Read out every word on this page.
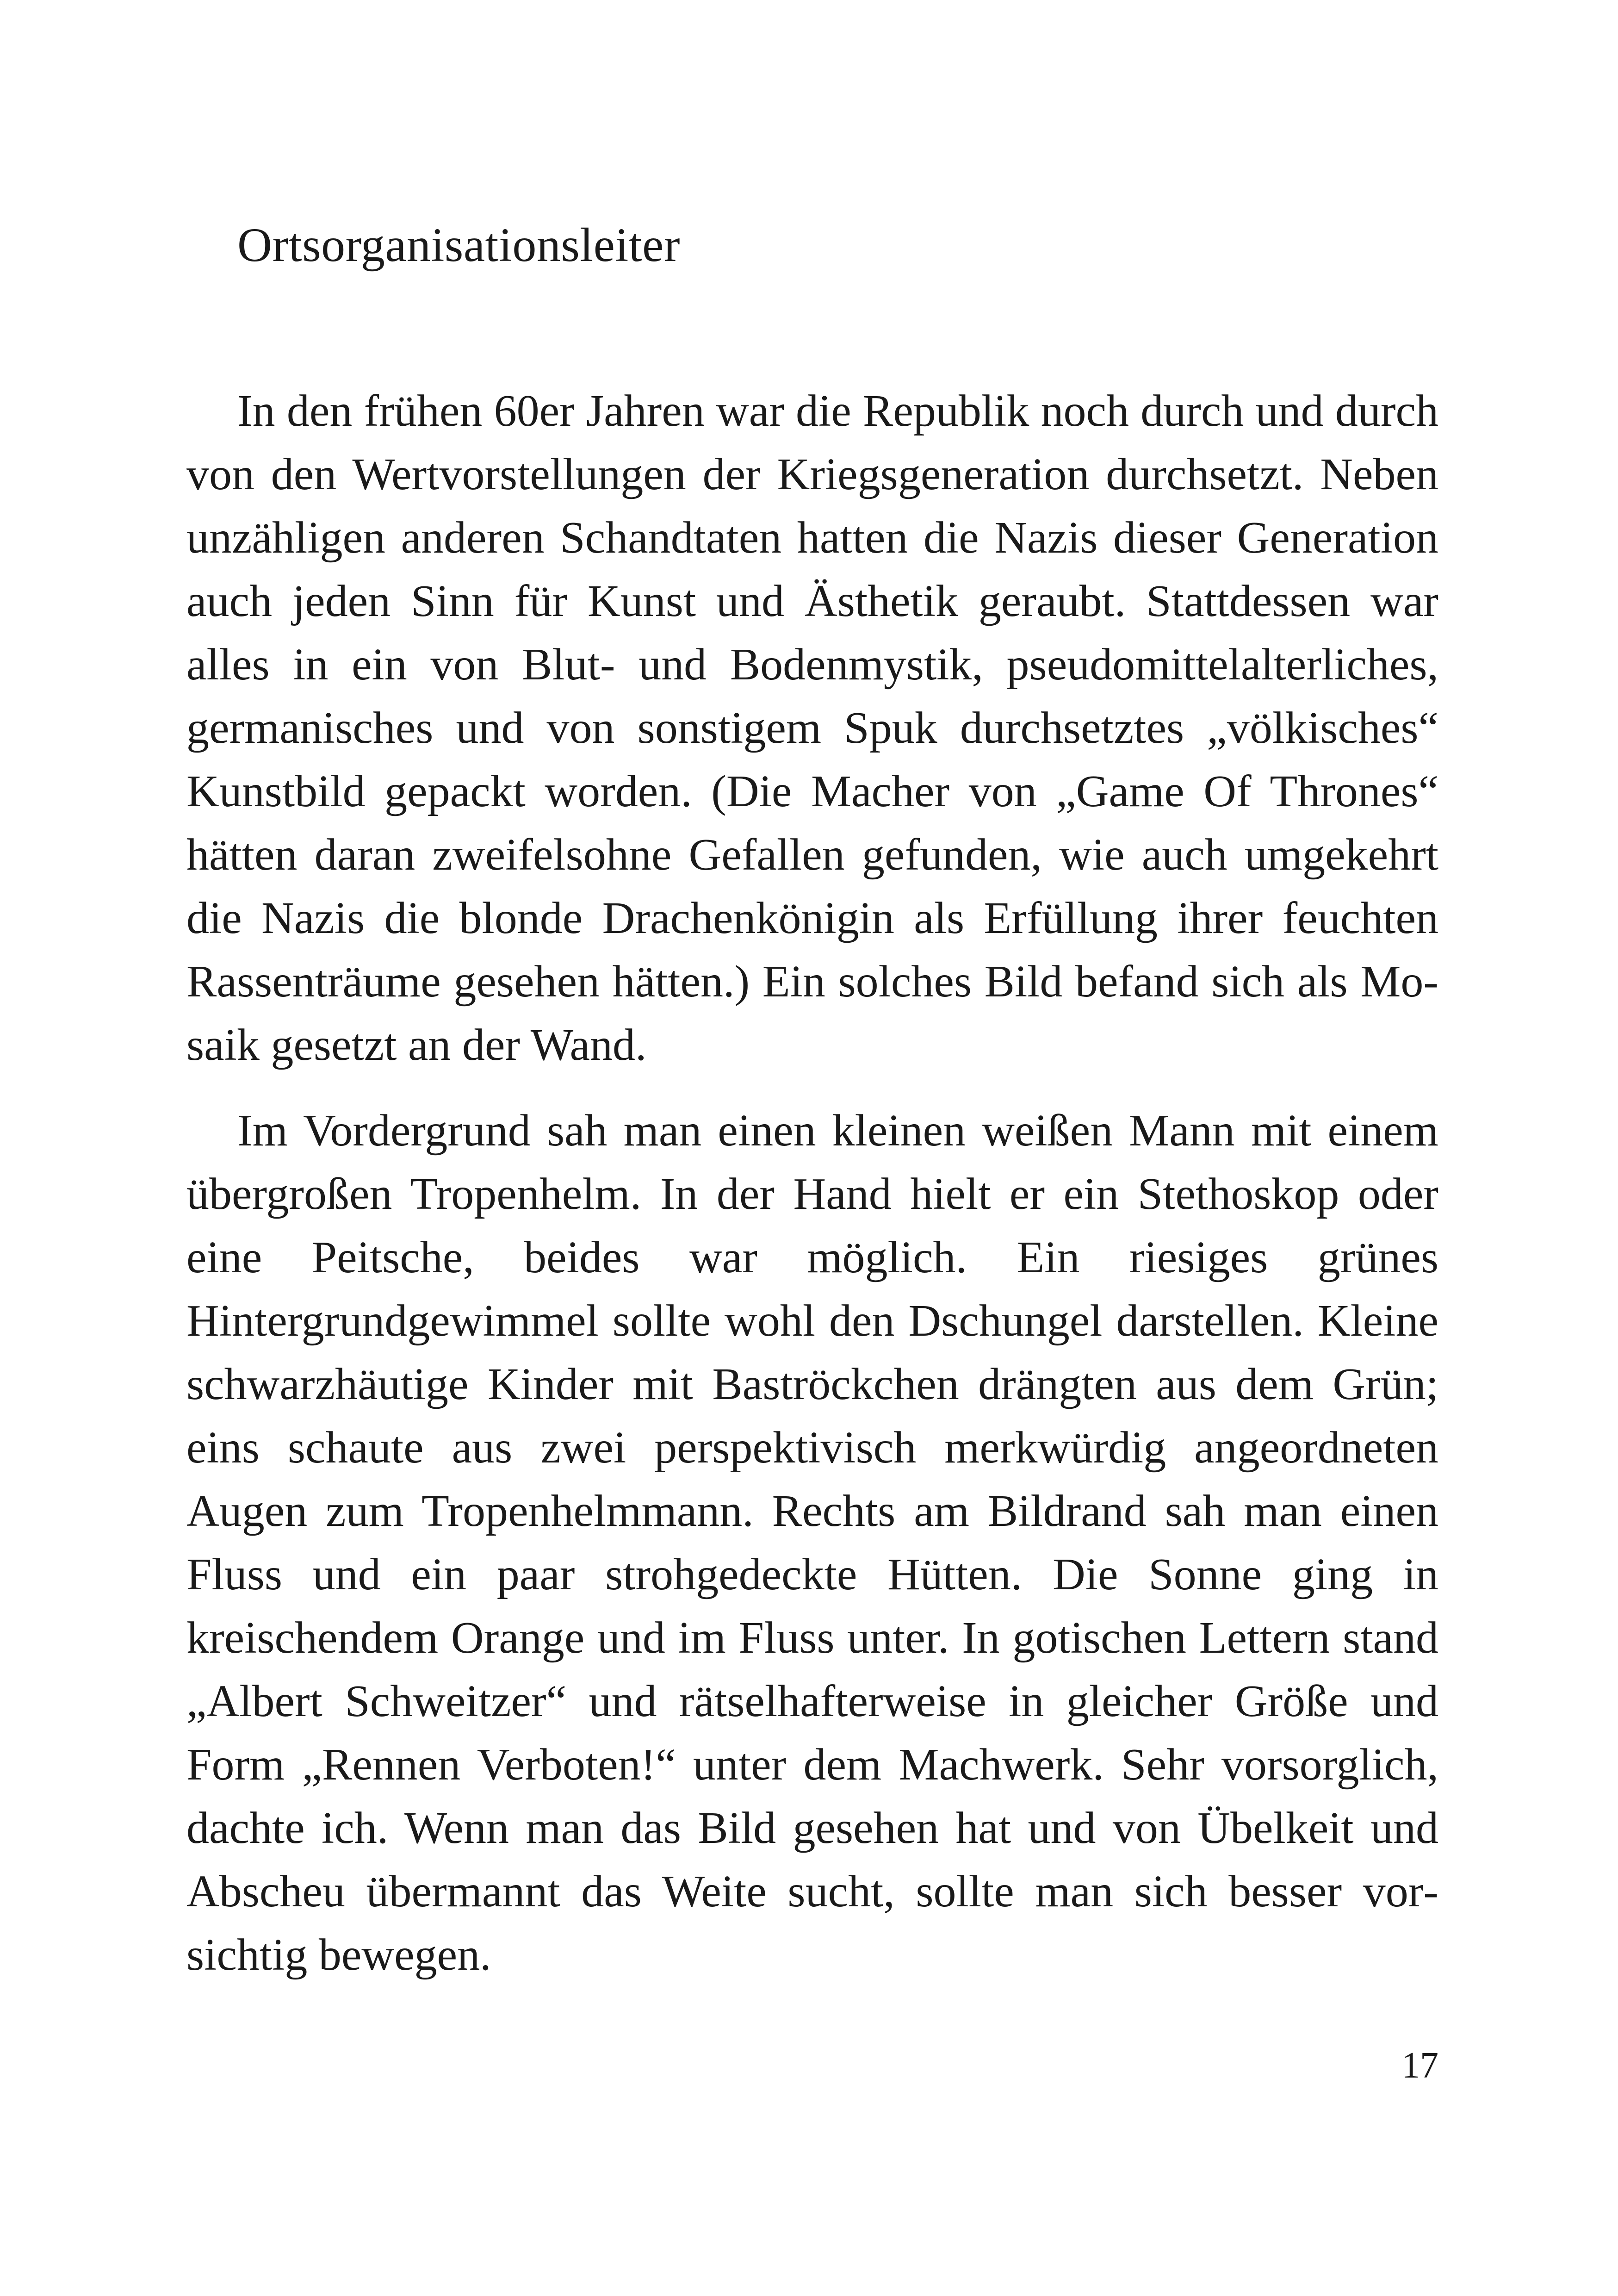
Ortsorganisationsleiter

In den frühen 60er Jahren war die Republik noch durch und durch von den Wertvorstellungen der Kriegsgeneration durchsetzt. Neben unzähligen anderen Schandtaten hatten die Nazis dieser Generation auch jeden Sinn für Kunst und Ästhetik geraubt. Stattdessen war alles in ein von Blut- und Bodenmystik, pseudomittelalterliches, germanisches und von sonstigem Spuk durchsetztes „völkisches“ Kunstbild gepackt worden. (Die Macher von „Game Of Thrones“ hätten daran zweifelsohne Gefallen gefunden, wie auch umgekehrt die Nazis die blonde Drachenkönigin als Erfüllung ihrer feuchten Rassenträume gesehen hätten.) Ein solches Bild befand sich als Mosaik gesetzt an der Wand.

Im Vordergrund sah man einen kleinen weißen Mann mit einem übergroßen Tropenhelm. In der Hand hielt er ein Stethoskop oder eine Peitsche, beides war möglich. Ein riesiges grünes Hintergrundgewimmel sollte wohl den Dschungel darstellen. Kleine schwarzhäutige Kinder mit Baströckchen drängten aus dem Grün; eins schaute aus zwei perspektivisch merkwürdig angeordneten Augen zum Tropenhelmmann. Rechts am Bildrand sah man einen Fluss und ein paar strohgedeckte Hütten. Die Sonne ging in kreischendem Orange und im Fluss unter. In gotischen Lettern stand „Albert Schweitzer“ und rätselhafterweise in gleicher Größe und Form „Rennen Verboten!“ unter dem Machwerk. Sehr vorsorglich, dachte ich. Wenn man das Bild gesehen hat und von Übelkeit und Abscheu übermannt das Weite sucht, sollte man sich besser vorsichtig bewegen.

17
